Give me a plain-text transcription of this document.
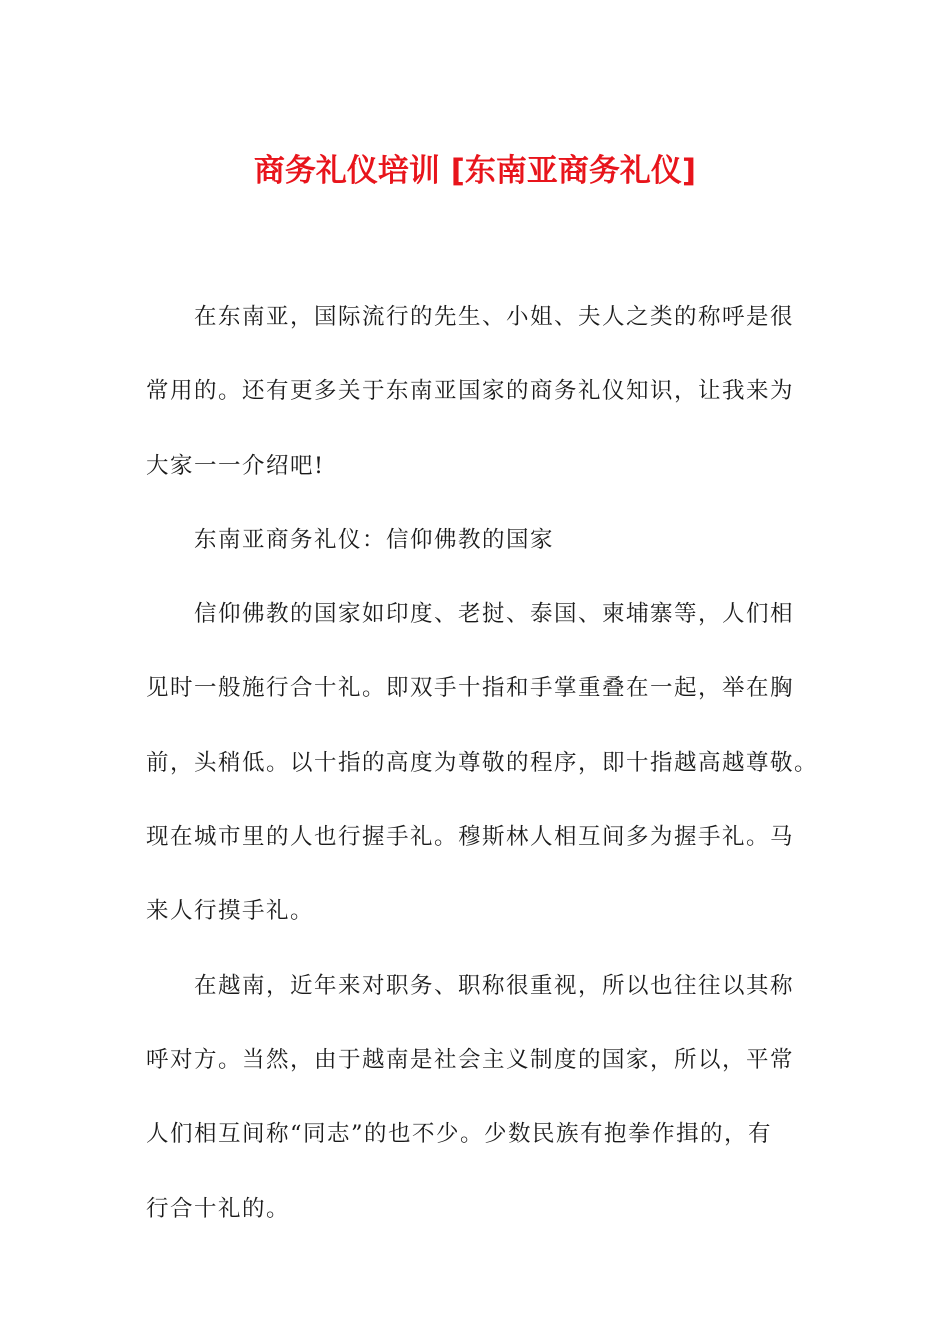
商务礼仪培训 [东南亚商务礼仪]
在东南亚，国际流行的先生、小姐、夫人之类的称呼是很
常用的。还有更多关于东南亚国家的商务礼仪知识，让我来为
大家一一介绍吧!
东南亚商务礼仪：信仰佛教的国家
信仰佛教的国家如印度、老挝、泰国、柬埔寨等，人们相
见时一般施行合十礼。即双手十指和手掌重叠在一起，举在胸
前，头稍低。以十指的高度为尊敬的程序，即十指越高越尊敬。
现在城市里的人也行握手礼。穆斯林人相互间多为握手礼。马
来人行摸手礼。
在越南，近年来对职务、职称很重视，所以也往往以其称
呼对方。当然，由于越南是社会主义制度的国家，所以，平常
人们相互间称“同志”的也不少。少数民族有抱拳作揖的，有
行合十礼的。
